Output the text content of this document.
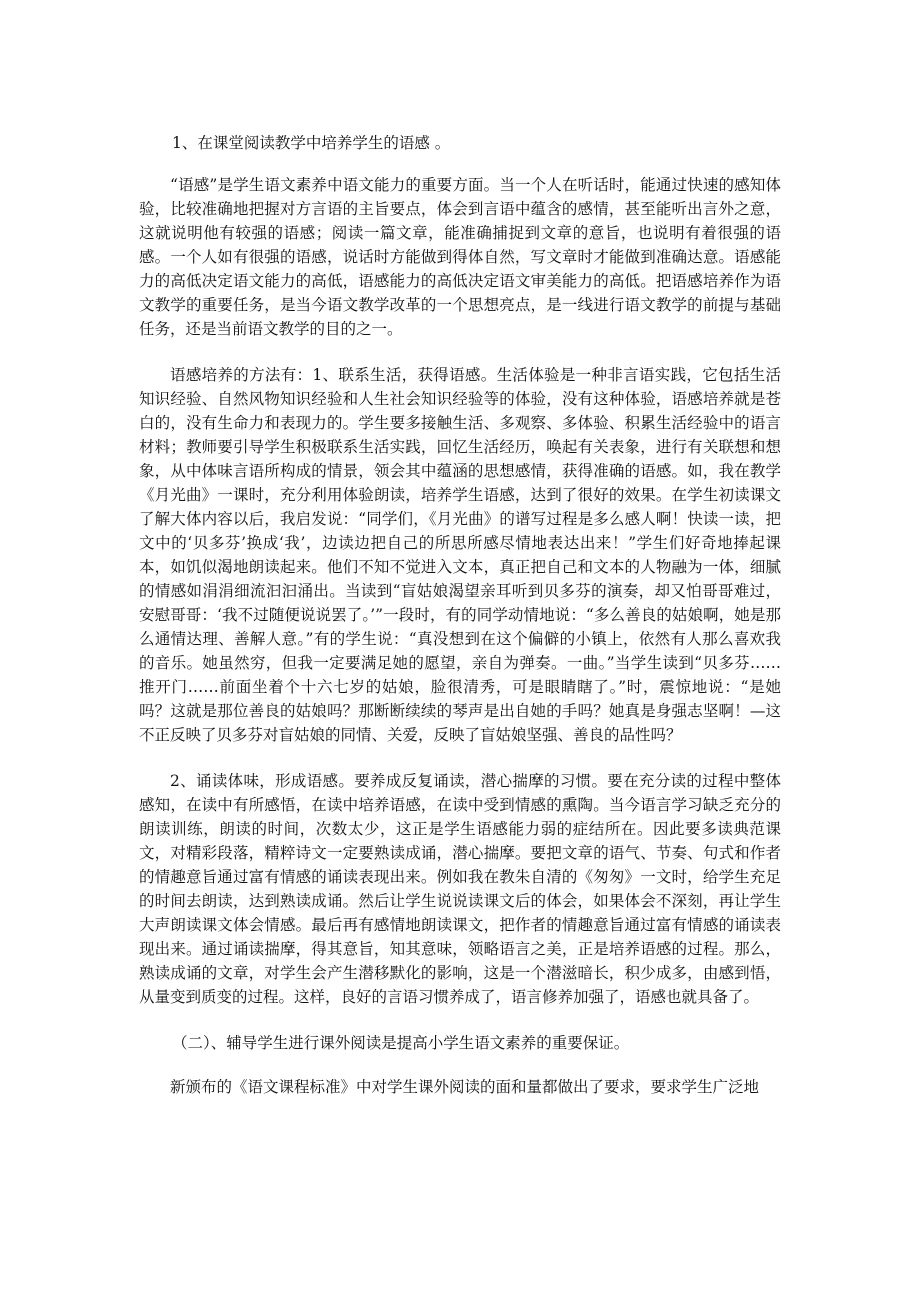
1、在课堂阅读教学中培养学生的语感 。

“语感”是学生语文素养中语文能力的重要方面。当一个人在听话时，能通过快速的感知体验，比较准确地把握对方言语的主旨要点，体会到言语中蕴含的感情，甚至能听出言外之意，这就说明他有较强的语感；阅读一篇文章，能准确捕捉到文章的意旨，也说明有着很强的语感。一个人如有很强的语感，说话时方能做到得体自然，写文章时才能做到准确达意。语感能力的高低决定语文能力的高低，语感能力的高低决定语文审美能力的高低。把语感培养作为语文教学的重要任务，是当今语文教学改革的一个思想亮点，是一线进行语文教学的前提与基础任务，还是当前语文教学的目的之一。

语感培养的方法有：1、联系生活，获得语感。生活体验是一种非言语实践，它包括生活知识经验、自然风物知识经验和人生社会知识经验等的体验，没有这种体验，语感培养就是苍白的，没有生命力和表现力的。学生要多接触生活、多观察、多体验、积累生活经验中的语言材料；教师要引导学生积极联系生活实践，回忆生活经历，唤起有关表象，进行有关联想和想象，从中体味言语所构成的情景，领会其中蕴涵的思想感情，获得准确的语感。如，我在教学《月光曲》一课时，充分利用体验朗读，培养学生语感，达到了很好的效果。在学生初读课文了解大体内容以后，我启发说：“同学们，《月光曲》的谱写过程是多么感人啊！快读一读，把文中的‘贝多芬’换成‘我’，边读边把自己的所思所感尽情地表达出来！”学生们好奇地捧起课本，如饥似渴地朗读起来。他们不知不觉进入文本，真正把自己和文本的人物融为一体，细腻的情感如涓涓细流汩汩涌出。当读到“盲姑娘渴望亲耳听到贝多芬的演奏，却又怕哥哥难过，安慰哥哥：‘我不过随便说说罢了。’”一段时，有的同学动情地说：“多么善良的姑娘啊，她是那么通情达理、善解人意。”有的学生说：“真没想到在这个偏僻的小镇上，依然有人那么喜欢我的音乐。她虽然穷，但我一定要满足她的愿望，亲自为弹奏。一曲。”当学生读到“贝多芬……推开门……前面坐着个十六七岁的姑娘，脸很清秀，可是眼睛瞎了。”时，震惊地说：“是她吗？这就是那位善良的姑娘吗？那断断续续的琴声是出自她的手吗？她真是身强志坚啊！—这不正反映了贝多芬对盲姑娘的同情、关爱，反映了盲姑娘坚强、善良的品性吗？

2、诵读体味，形成语感。要养成反复诵读，潜心揣摩的习惯。要在充分读的过程中整体感知，在读中有所感悟，在读中培养语感，在读中受到情感的熏陶。当今语言学习缺乏充分的朗读训练，朗读的时间，次数太少，这正是学生语感能力弱的症结所在。因此要多读典范课文，对精彩段落，精粹诗文一定要熟读成诵，潜心揣摩。要把文章的语气、节奏、句式和作者的情趣意旨通过富有情感的诵读表现出来。例如我在教朱自清的《匆匆》一文时，给学生充足的时间去朗读，达到熟读成诵。然后让学生说说读课文后的体会，如果体会不深刻，再让学生大声朗读课文体会情感。最后再有感情地朗读课文，把作者的情趣意旨通过富有情感的诵读表现出来。通过诵读揣摩，得其意旨，知其意味，领略语言之美，正是培养语感的过程。那么，熟读成诵的文章，对学生会产生潜移默化的影响，这是一个潜滋暗长，积少成多，由感到悟，从量变到质变的过程。这样，良好的言语习惯养成了，语言修养加强了，语感也就具备了。

（二）、辅导学生进行课外阅读是提高小学生语文素养的重要保证。

新颁布的《语文课程标准》中对学生课外阅读的面和量都做出了要求，要求学生广泛地
